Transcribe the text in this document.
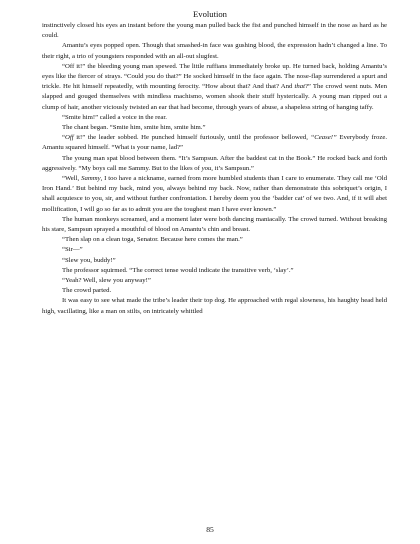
Evolution

instinctively closed his eyes an instant before the young man pulled back the fist and punched himself in the nose as hard as he could.

Amantu’s eyes popped open. Though that smashed-in face was gushing blood, the expression hadn’t changed a line. To their right, a trio of youngsters responded with an all-out slugfest.

“Off it!” the bleeding young man spewed. The little ruffians immediately broke up. He turned back, holding Amantu’s eyes like the fiercer of strays. “Could you do that?” He socked himself in the face again. The nose-flap surrendered a spurt and trickle. He hit himself repeatedly, with mounting ferocity. “How about that? And that? And that?” The crowd went nuts. Men slapped and gouged themselves with mindless machismo, women shook their stuff hysterically. A young man ripped out a clump of hair, another viciously twisted an ear that had become, through years of abuse, a shapeless string of hanging taffy.

“Smite him!” called a voice in the rear.

The chant began. “Smite him, smite him, smite him.”

“Off it!” the leader sobbed. He punched himself furiously, until the professor bellowed, “Cease!” Everybody froze. Amantu squared himself. “What is your name, lad?”

The young man spat blood between them. “It’s Sampsun. After the baddest cat in the Book.” He rocked back and forth aggressively. “My boys call me Sammy. But to the likes of you, it’s Sampsun.”

“Well, Sammy, I too have a nickname, earned from more humbled students than I care to enumerate. They call me ‘Old Iron Hand.’ But behind my back, mind you, always behind my back. Now, rather than demonstrate this sobriquet’s origin, I shall acquiesce to you, sir, and without further confrontation. I hereby deem you the ‘badder cat’ of we two. And, if it will abet mollification, I will go so far as to admit you are the toughest man I have ever known.”

The human monkeys screamed, and a moment later were both dancing maniacally. The crowd turned. Without breaking his stare, Sampsun sprayed a mouthful of blood on Amantu’s chin and breast.

“Then slap on a clean toga, Senator. Because here comes the man.”

“Sir—”

“Slew you, buddy!”

The professor squirmed. “The correct tense would indicate the transitive verb, ‘slay’.”

“Yeah? Well, slew you anyway!”

The crowd parted.

It was easy to see what made the tribe’s leader their top dog. He approached with regal slowness, his haughty head held high, vacillating, like a man on stilts, on intricately whittled

85
